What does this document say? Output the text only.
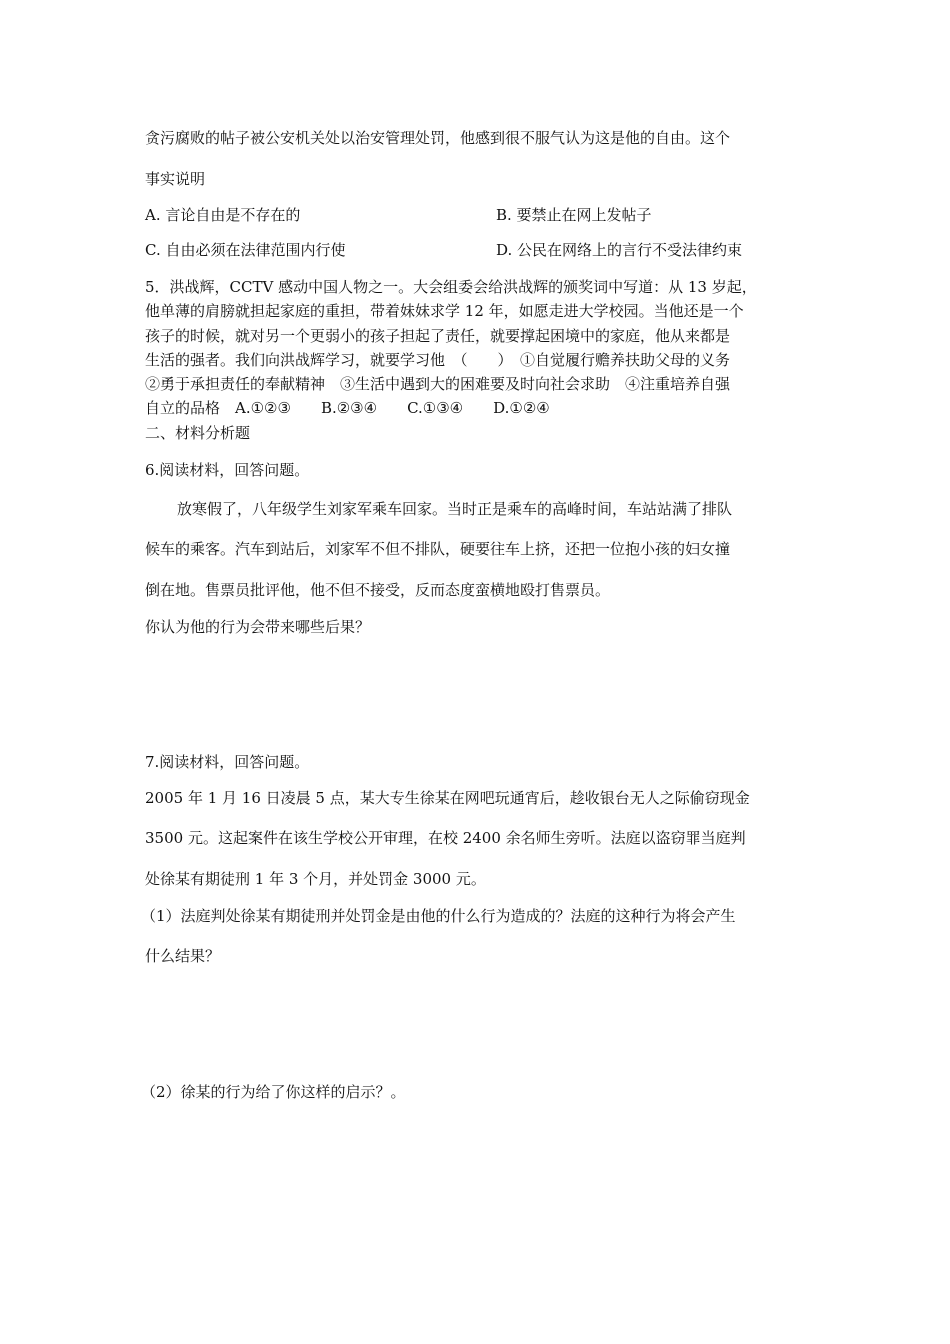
贪污腐败的帖子被公安机关处以治安管理处罚，他感到很不服气认为这是他的自由。这个
事实说明
A. 言论自由是不存在的	B. 要禁止在网上发帖子
C. 自由必须在法律范围内行使	D. 公民在网络上的言行不受法律约束
5．洪战辉，CCTV 感动中国人物之一。大会组委会给洪战辉的颁奖词中写道：从 13 岁起，
他单薄的肩膀就担起家庭的重担，带着妹妹求学 12 年，如愿走进大学校园。当他还是一个
孩子的时候，就对另一个更弱小的孩子担起了责任，就要撑起困境中的家庭，他从来都是
生活的强者。我们向洪战辉学习，就要学习他　（　　）　①自觉履行赡养扶助父母的义务
②勇于承担责任的奉献精神　③生活中遇到大的困难要及时向社会求助　④注重培养自强
自立的品格　A.①②③　　B.②③④　　C.①③④　　D.①②④
二、材料分析题
6.阅读材料，回答问题。
放寒假了，八年级学生刘家军乘车回家。当时正是乘车的高峰时间，车站站满了排队
候车的乘客。汽车到站后，刘家军不但不排队，硬要往车上挤，还把一位抱小孩的妇女撞
倒在地。售票员批评他，他不但不接受，反而态度蛮横地殴打售票员。
你认为他的行为会带来哪些后果？
7.阅读材料，回答问题。
2005 年 1 月 16 日凌晨 5 点，某大专生徐某在网吧玩通宵后，趁收银台无人之际偷窃现金
3500 元。这起案件在该生学校公开审理，在校 2400 余名师生旁听。法庭以盗窃罪当庭判
处徐某有期徒刑 1 年 3 个月，并处罚金 3000 元。
（1）法庭判处徐某有期徒刑并处罚金是由他的什么行为造成的？法庭的这种行为将会产生
什么结果？
（2）徐某的行为给了你这样的启示？。
